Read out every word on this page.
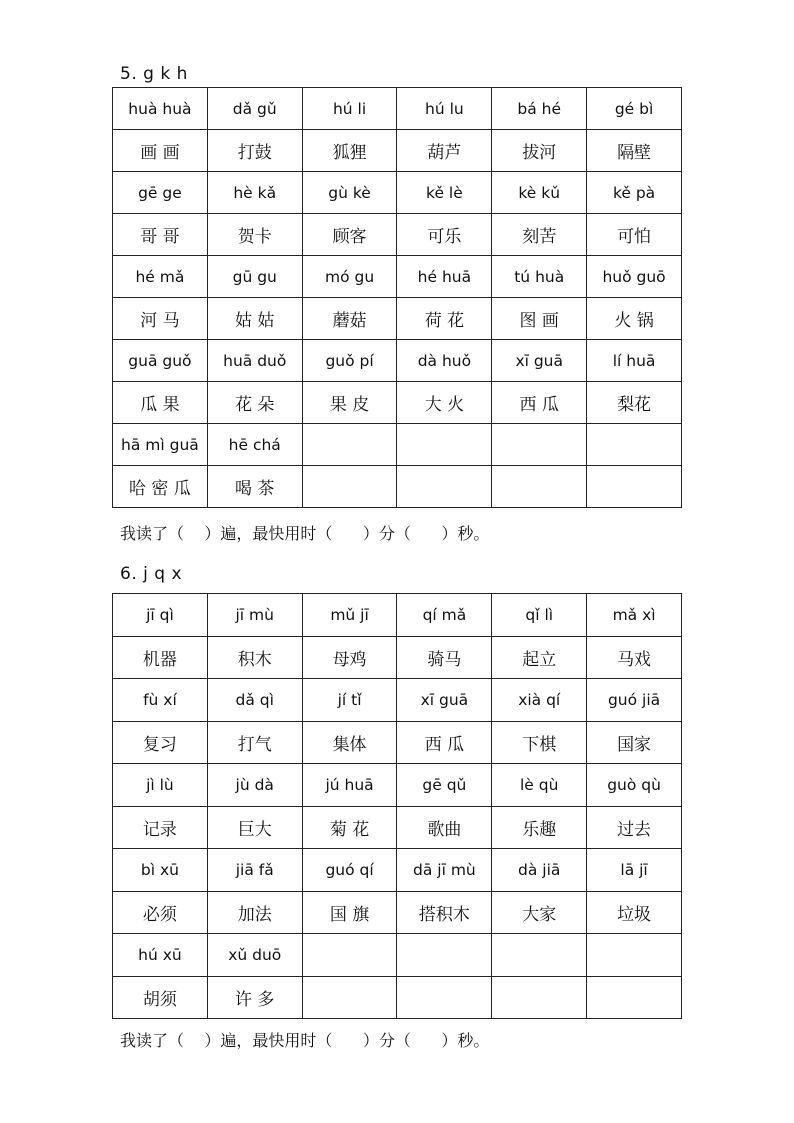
5. g k h
huà huà	dǎ gǔ	hú li	hú lu	bá hé	gé bì
画 画	打鼓	狐狸	葫芦	拔河	隔壁
gē ge	hè kǎ	gù kè	kě lè	kè kǔ	kě pà
哥 哥	贺卡	顾客	可乐	刻苦	可怕
hé mǎ	gū gu	mó gu	hé huā	tú huà	huǒ guō
河 马	姑 姑	蘑菇	荷 花	图 画	火 锅
guā guǒ	huā duǒ	guǒ pí	dà huǒ	xī guā	lí huā
瓜 果	花 朵	果 皮	大 火	西 瓜	梨花
hā mì guā	hē chá				
哈 密 瓜	喝 茶				
我读了（    ）遍，最快用时（      ）分（      ）秒。
6. j q x
jī qì	jī mù	mǔ jī	qí mǎ	qǐ lì	mǎ xì
机器	积木	母鸡	骑马	起立	马戏
fù xí	dǎ qì	jí tǐ	xī guā	xià qí	guó jiā
复习	打气	集体	西 瓜	下棋	国家
jì lù	jù dà	jú huā	gē qǔ	lè qù	guò qù
记录	巨大	菊 花	歌曲	乐趣	过去
bì xū	jiā fǎ	guó qí	dā jī mù	dà jiā	lā jī
必须	加法	国 旗	搭积木	大家	垃圾
hú xū	xǔ duō				
胡须	许 多				
我读了（    ）遍，最快用时（      ）分（      ）秒。
